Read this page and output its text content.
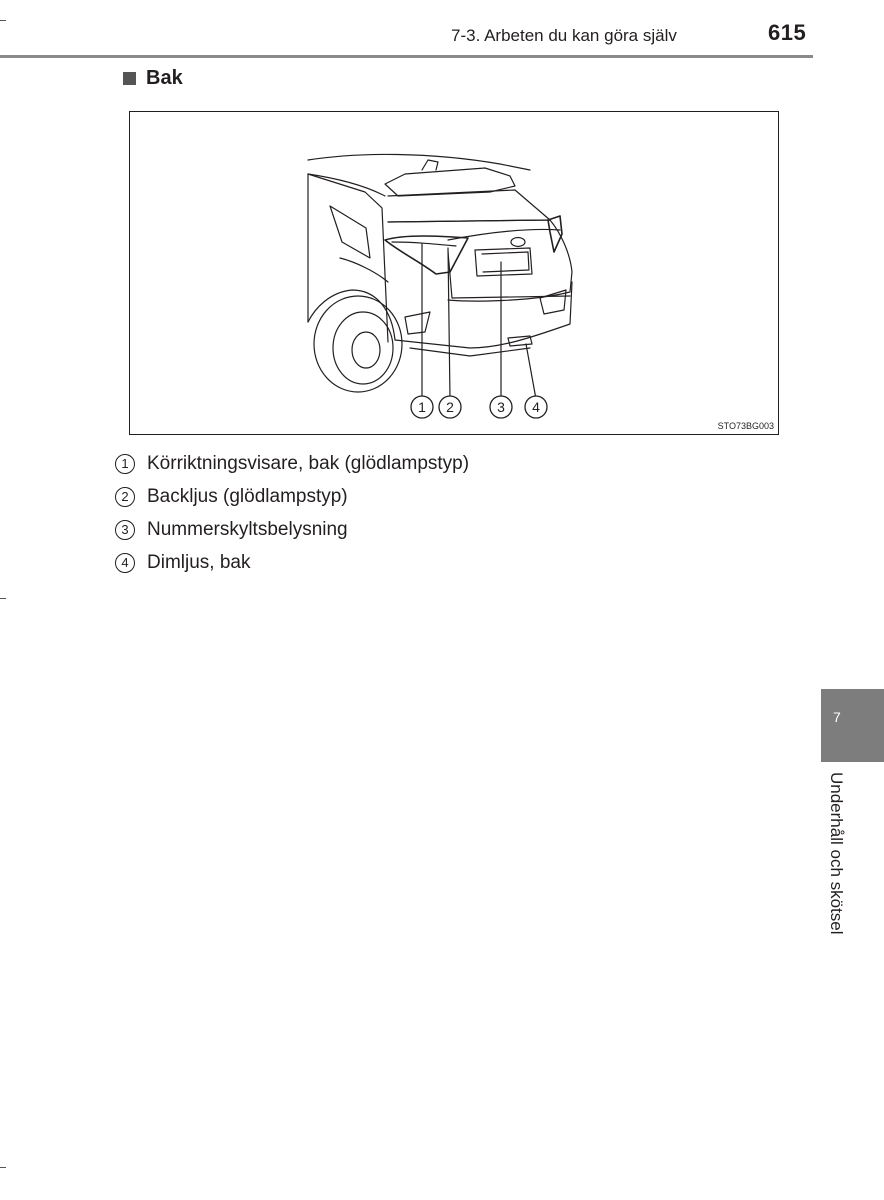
7-3. Arbeten du kan göra själv	615
Bak
1 2	3 4
STO73BG003
1 Körriktningsvisare, bak (glödlampstyp)
2 Backljus (glödlampstyp)
3 Nummerskyltsbelysning
4 Dimljus, bak
7
Underhåll och skötsel
